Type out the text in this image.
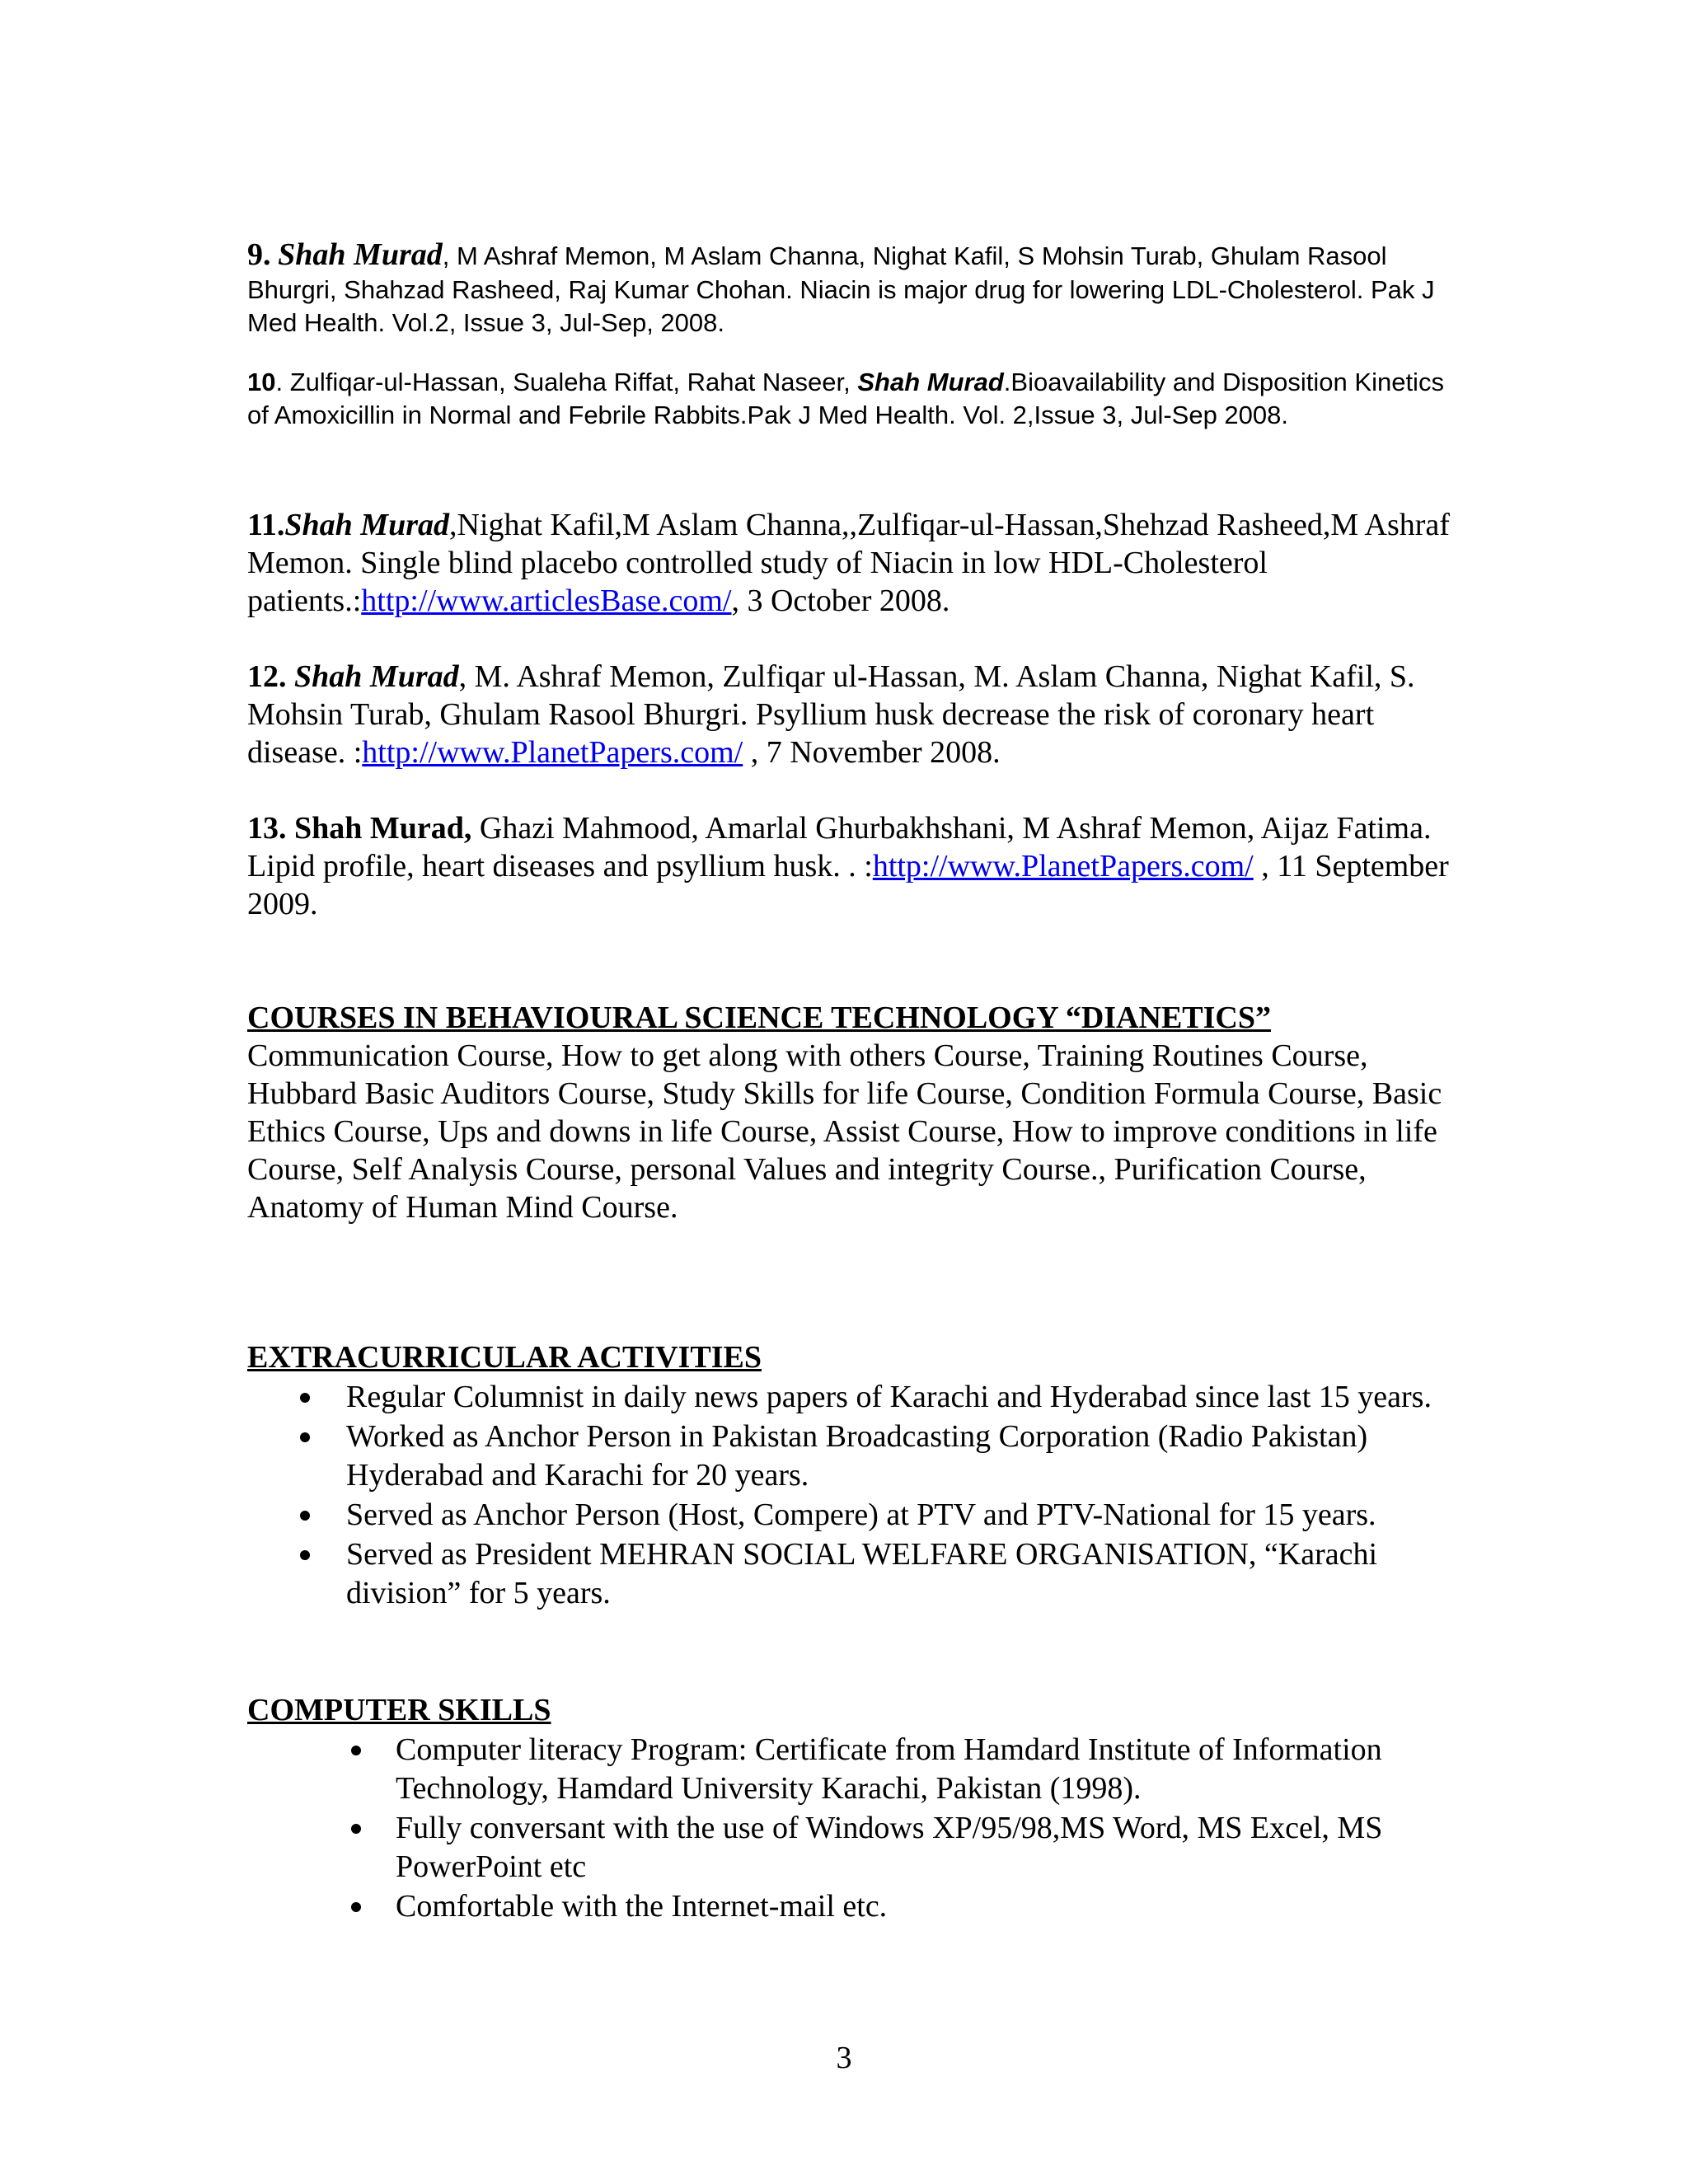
9. Shah Murad, M Ashraf Memon, M Aslam Channa, Nighat Kafil, S Mohsin Turab, Ghulam Rasool Bhurgri, Shahzad Rasheed, Raj Kumar Chohan. Niacin is major drug for lowering LDL-Cholesterol. Pak J Med Health. Vol.2, Issue 3, Jul-Sep, 2008.

10. Zulfiqar-ul-Hassan, Sualeha Riffat, Rahat Naseer, Shah Murad.Bioavailability and Disposition Kinetics of Amoxicillin in Normal and Febrile Rabbits.Pak J Med Health. Vol. 2,Issue 3, Jul-Sep 2008.

11.Shah Murad,Nighat Kafil,M Aslam Channa,,Zulfiqar-ul-Hassan,Shehzad Rasheed,M Ashraf Memon. Single blind placebo controlled study of Niacin in low HDL-Cholesterol patients.:http://www.articlesBase.com/, 3 October 2008.

12. Shah Murad, M. Ashraf Memon, Zulfiqar ul-Hassan, M. Aslam Channa, Nighat Kafil, S. Mohsin Turab, Ghulam Rasool Bhurgri. Psyllium husk decrease the risk of coronary heart disease. :http://www.PlanetPapers.com/ , 7 November 2008.

13. Shah Murad, Ghazi Mahmood, Amarlal Ghurbakhshani, M Ashraf Memon, Aijaz Fatima. Lipid profile, heart diseases and psyllium husk. . :http://www.PlanetPapers.com/ , 11 September 2009.

COURSES IN BEHAVIOURAL SCIENCE TECHNOLOGY “DIANETICS”

Communication Course, How to get along with others Course, Training Routines Course, Hubbard Basic Auditors Course, Study Skills for life Course, Condition Formula Course, Basic Ethics Course, Ups and downs in life Course, Assist Course, How to improve conditions in life Course, Self Analysis Course, personal Values and integrity Course., Purification Course, Anatomy of Human Mind Course.

EXTRACURRICULAR ACTIVITIES
Regular Columnist in daily news papers of Karachi and Hyderabad since last 15 years.
Worked as Anchor Person in Pakistan Broadcasting Corporation (Radio Pakistan) Hyderabad and Karachi for 20 years.
Served as Anchor Person (Host, Compere) at PTV and PTV-National for 15 years.
Served as President MEHRAN SOCIAL WELFARE ORGANISATION, “Karachi division” for 5 years.
COMPUTER SKILLS
Computer literacy Program: Certificate from Hamdard Institute of Information Technology, Hamdard University Karachi, Pakistan (1998).
Fully conversant with the use of Windows XP/95/98,MS Word, MS Excel, MS PowerPoint etc
Comfortable with the Internet-mail etc.
3
